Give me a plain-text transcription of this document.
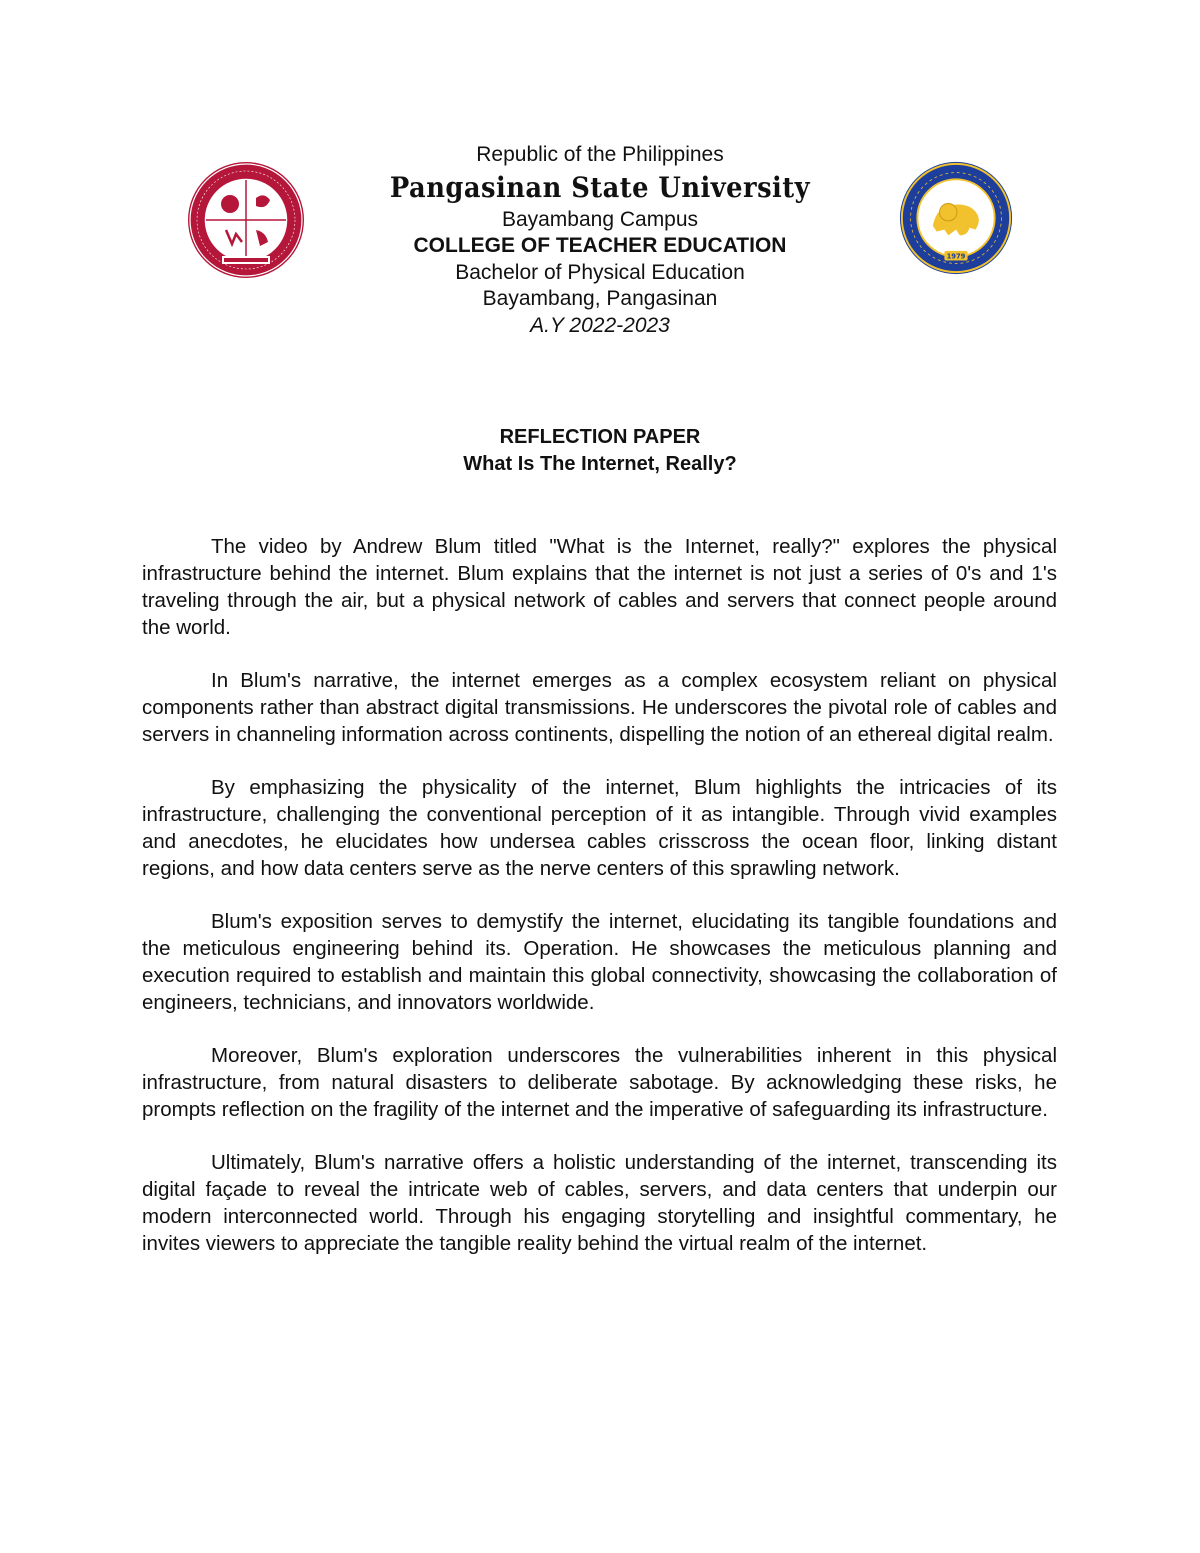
Republic of the Philippines
Pangasinan State University
Bayambang Campus
COLLEGE OF TEACHER EDUCATION
Bachelor of Physical Education
Bayambang, Pangasinan
A.Y 2022-2023
1979
REFLECTION PAPER
What Is The Internet, Really?

The video by Andrew Blum titled "What is the Internet, really?" explores the physical infrastructure behind the internet. Blum explains that the internet is not just a series of 0's and 1's traveling through the air, but a physical network of cables and servers that connect people around the world.

In Blum's narrative, the internet emerges as a complex ecosystem reliant on physical components rather than abstract digital transmissions. He underscores the pivotal role of cables and servers in channeling information across continents, dispelling the notion of an ethereal digital realm.

By emphasizing the physicality of the internet, Blum highlights the intricacies of its infrastructure, challenging the conventional perception of it as intangible. Through vivid examples and anecdotes, he elucidates how undersea cables crisscross the ocean floor, linking distant regions, and how data centers serve as the nerve centers of this sprawling network.

Blum's exposition serves to demystify the internet, elucidating its tangible foundations and the meticulous engineering behind its. Operation. He showcases the meticulous planning and execution required to establish and maintain this global connectivity, showcasing the collaboration of engineers, technicians, and innovators worldwide.

Moreover, Blum's exploration underscores the vulnerabilities inherent in this physical infrastructure, from natural disasters to deliberate sabotage. By acknowledging these risks, he prompts reflection on the fragility of the internet and the imperative of safeguarding its infrastructure.

Ultimately, Blum's narrative offers a holistic understanding of the internet, transcending its digital façade to reveal the intricate web of cables, servers, and data centers that underpin our modern interconnected world. Through his engaging storytelling and insightful commentary, he invites viewers to appreciate the tangible reality behind the virtual realm of the internet.
